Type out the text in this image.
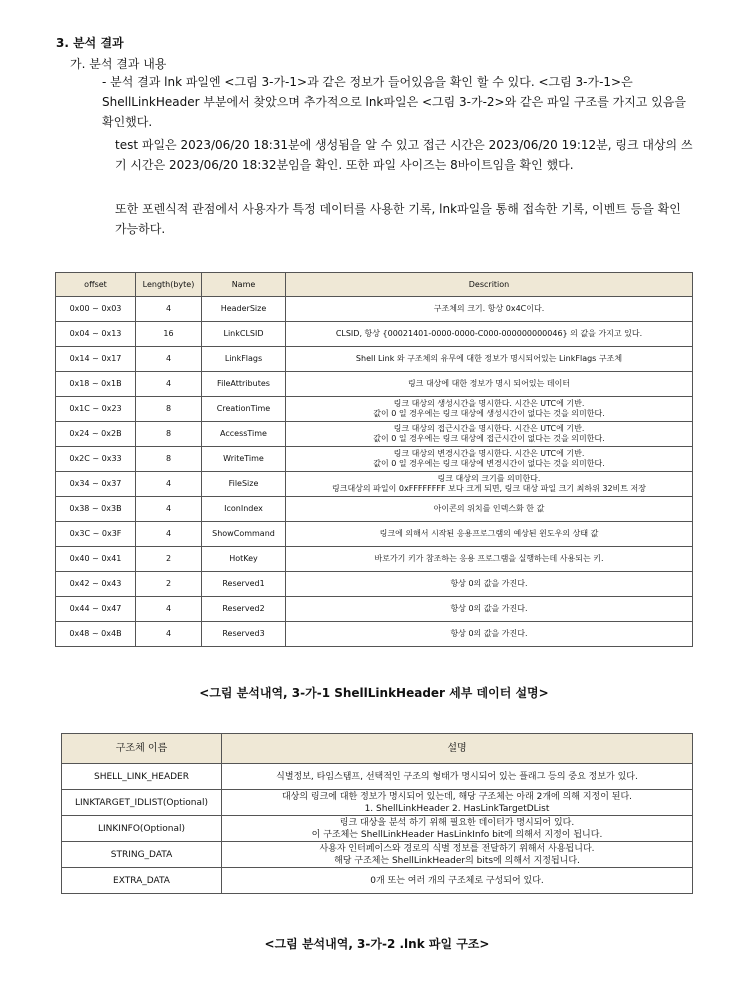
3. 분석 결과
가. 분석 결과 내용
- 분석 결과 lnk 파일엔 <그림 3-가-1>과 같은 정보가 들어있음을 확인 할 수 있다. <그림 3-가-1>은 ShellLinkHeader 부분에서 찾았으며 추가적으로 lnk파일은 <그림 3-가-2>와 같은 파일 구조를 가지고 있음을 확인했다.
test 파일은 2023/06/20 18:31분에 생성됨을 알 수 있고 접근 시간은 2023/06/20 19:12분, 링크 대상의 쓰기 시간은 2023/06/20 18:32분임을 확인. 또한 파일 사이즈는 8바이트임을 확인 했다.
또한 포렌식적 관점에서 사용자가 특정 데이터를 사용한 기록, lnk파일을 통해 접속한 기록, 이벤트 등을 확인 가능하다.
offset	Length(byte)	Name	Descrition
0x00 ~ 0x03	4	HeaderSize	구조체의 크기. 항상 0x4C이다.
0x04 ~ 0x13	16	LinkCLSID	CLSID, 항상 {00021401-0000-0000-C000-000000000046} 의 값을 가지고 있다.
0x14 ~ 0x17	4	LinkFlags	Shell Link 와 구조체의 유무에 대한 정보가 명시되어있는 LinkFlags 구조체
0x18 ~ 0x1B	4	FileAttributes	링크 대상에 대한 정보가 명시 되어있는 데이터
0x1C ~ 0x23	8	CreationTime	링크 대상의 생성시간을 명시한다. 시간은 UTC에 기반.
값이 0 일 경우에는 링크 대상에 생성시간이 없다는 것을 의미한다.
0x24 ~ 0x2B	8	AccessTime	링크 대상의 접근시간을 명시한다. 시간은 UTC에 기반.
값이 0 일 경우에는 링크 대상에 접근시간이 없다는 것을 의미한다.
0x2C ~ 0x33	8	WriteTime	링크 대상의 변경시간을 명시한다. 시간은 UTC에 기반.
값이 0 일 경우에는 링크 대상에 변경시간이 없다는 것을 의미한다.
0x34 ~ 0x37	4	FileSize	링크 대상의 크기를 의미한다.
링크대상의 파일이 0xFFFFFFFF 보다 크게 되면, 링크 대상 파일 크기 최하위 32비트 저장
0x38 ~ 0x3B	4	IconIndex	아이콘의 위치를 인덱스화 한 값
0x3C ~ 0x3F	4	ShowCommand	링크에 의해서 시작된 응용프로그램의 예상된 윈도우의 상태 값
0x40 ~ 0x41	2	HotKey	바로가기 키가 참조하는 응용 프로그램을 실행하는데 사용되는 키.
0x42 ~ 0x43	2	Reserved1	항상 0의 값을 가진다.
0x44 ~ 0x47	4	Reserved2	항상 0의 값을 가진다.
0x48 ~ 0x4B	4	Reserved3	항상 0의 값을 가진다.
<그림 분석내역, 3-가-1 ShellLinkHeader 세부 데이터 설명>
구조체 이름	설명
SHELL_LINK_HEADER	식별정보, 타임스탬프, 선택적인 구조의 형태가 명시되어 있는 플래그 등의 중요 정보가 있다.
LINKTARGET_IDLIST(Optional)	대상의 링크에 대한 정보가 명시되어 있는데, 해당 구조체는 아래 2개에 의해 지정이 된다.
1. ShellLinkHeader 2. HasLinkTargetDList
LINKINFO(Optional)	링크 대상을 분석 하기 위해 필요한 데이터가 명시되어 있다.
이 구조체는 ShellLinkHeader HasLinkInfo bit에 의해서 지정이 됩니다.
STRING_DATA	사용자 인터페이스와 경로의 식별 정보를 전달하기 위해서 사용됩니다.
해당 구조체는 ShellLinkHeader의 bits에 의해서 지정됩니다.
EXTRA_DATA	0개 또는 여러 개의 구조체로 구성되어 있다.
<그림 분석내역, 3-가-2 .lnk 파일 구조>
